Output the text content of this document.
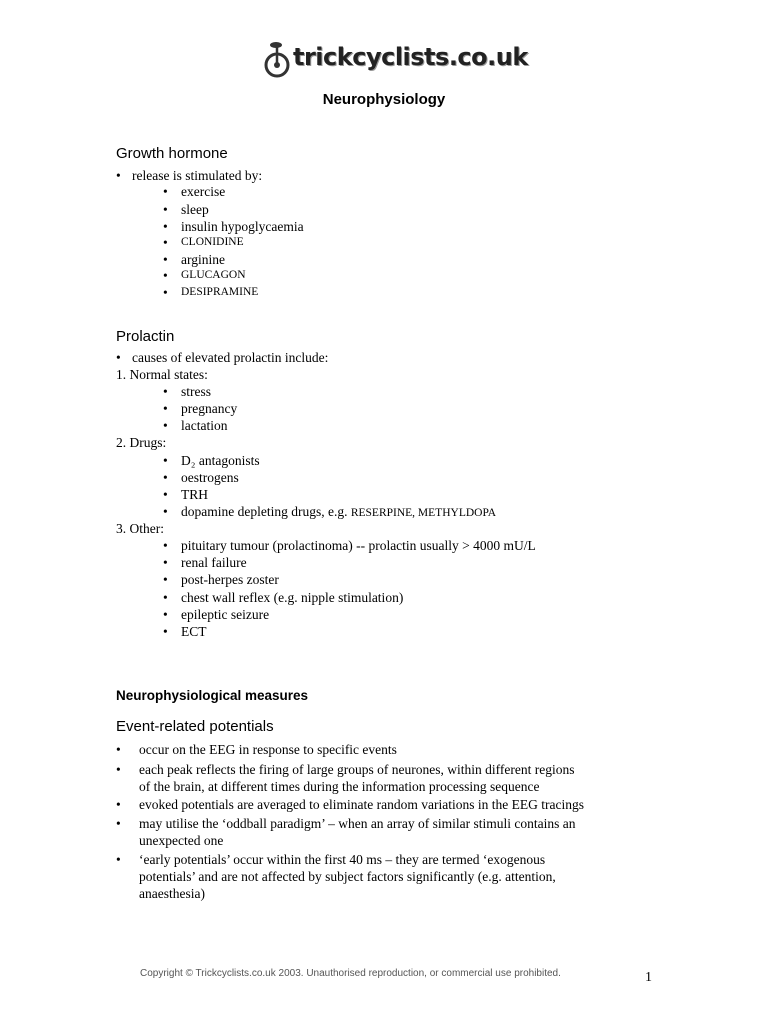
trickcyclists.co.uk
Neurophysiology
Growth hormone
• release is stimulated by:
• exercise
• sleep
• insulin hypoglycaemia
• CLONIDINE
• arginine
• GLUCAGON
• DESIPRAMINE
Prolactin
• causes of elevated prolactin include:
1. Normal states:
• stress
• pregnancy
• lactation
2. Drugs:
• D₂ antagonists
• oestrogens
• TRH
• dopamine depleting drugs, e.g. RESERPINE, METHYLDOPA
3. Other:
• pituitary tumour (prolactinoma) -- prolactin usually > 4000 mU/L
• renal failure
• post-herpes zoster
• chest wall reflex (e.g. nipple stimulation)
• epileptic seizure
• ECT
Neurophysiological measures
Event-related potentials
• occur on the EEG in response to specific events
• each peak reflects the firing of large groups of neurones, within different regions
of the brain, at different times during the information processing sequence
• evoked potentials are averaged to eliminate random variations in the EEG tracings
• may utilise the ‘oddball paradigm’ – when an array of similar stimuli contains an
unexpected one
• ‘early potentials’ occur within the first 40 ms – they are termed ‘exogenous
potentials’ and are not affected by subject factors significantly (e.g. attention,
anaesthesia)
Copyright © Trickcyclists.co.uk 2003. Unauthorised reproduction, or commercial use prohibited.	1
